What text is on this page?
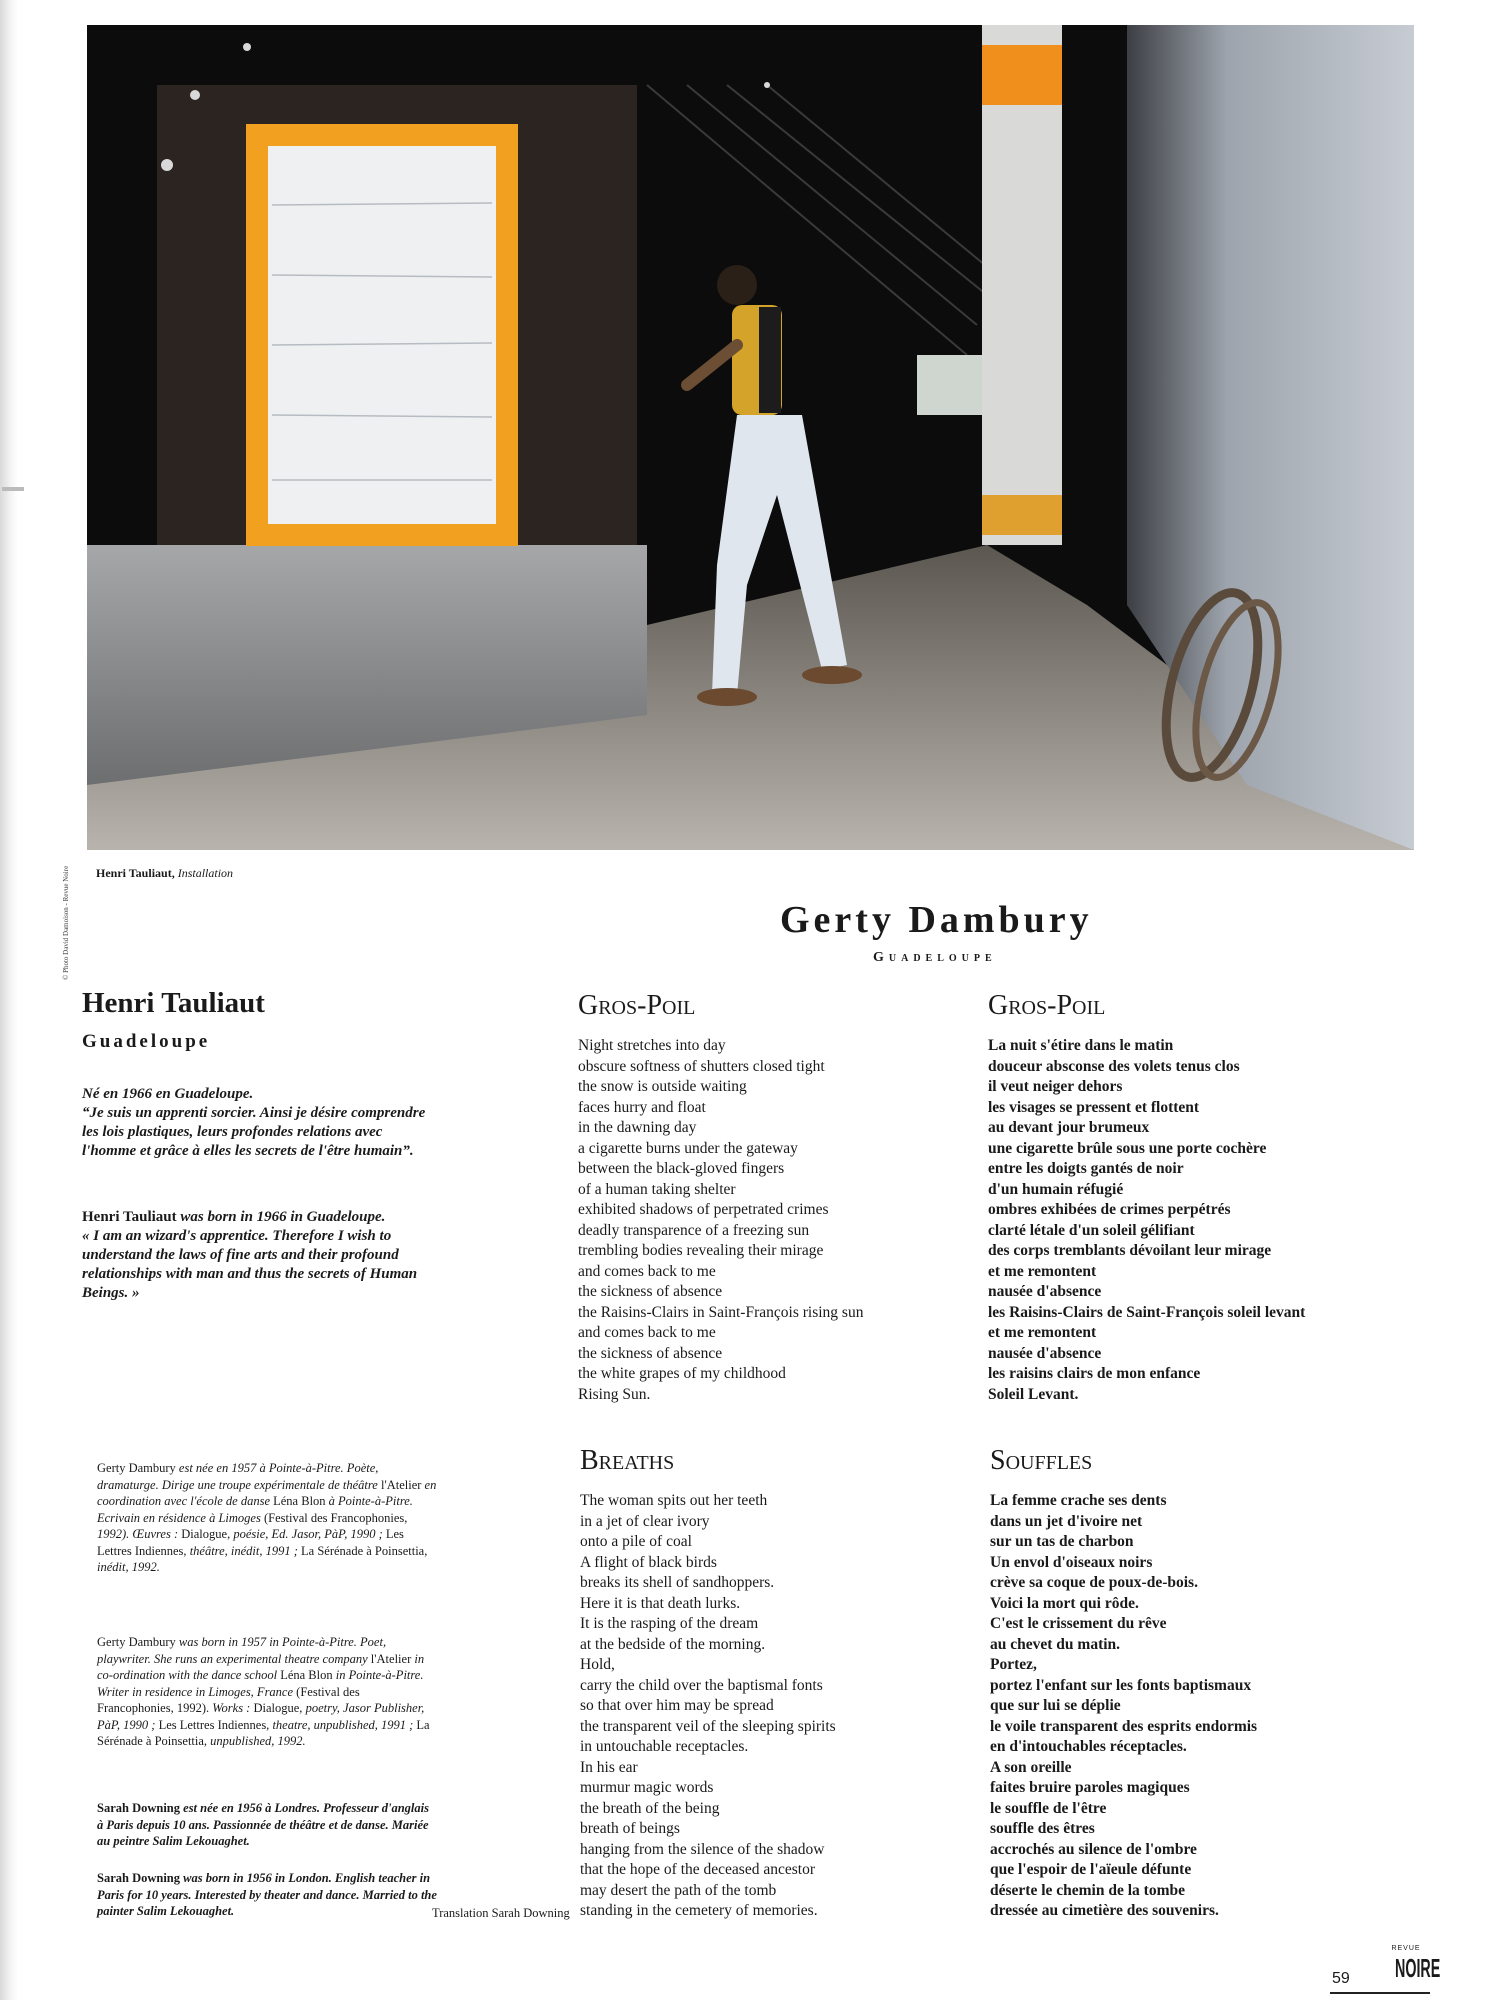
© Photo David Damoison - Revue Noire Henri Tauliaut, Installation
Gerty Dambury
Guadeloupe
Henri Tauliaut
Guadeloupe
Né en 1966 en Guadeloupe.
“Je suis un apprenti sorcier. Ainsi je désire comprendre les lois plastiques, leurs profondes relations avec l'homme et grâce à elles les secrets de l'être humain”.
Henri Tauliaut was born in 1966 in Guadeloupe.
« I am an wizard's apprentice. Therefore I wish to understand the laws of fine arts and their profound relationships with man and thus the secrets of Human Beings. »
Gros-Poil
Night stretches into day
obscure softness of shutters closed tight
the snow is outside waiting
faces hurry and float
in the dawning day
a cigarette burns under the gateway
between the black-gloved fingers
of a human taking shelter
exhibited shadows of perpetrated crimes
deadly transparence of a freezing sun
trembling bodies revealing their mirage
and comes back to me
the sickness of absence
the Raisins-Clairs in Saint-François rising sun
and comes back to me
the sickness of absence
the white grapes of my childhood
Rising Sun.
Gros-Poil
La nuit s'étire dans le matin
douceur absconse des volets tenus clos
il veut neiger dehors
les visages se pressent et flottent
au devant jour brumeux
une cigarette brûle sous une porte cochère
entre les doigts gantés de noir
d'un humain réfugié
ombres exhibées de crimes perpétrés
clarté létale d'un soleil gélifiant
des corps tremblants dévoilant leur mirage
et me remontent
nausée d'absence
les Raisins-Clairs de Saint-François soleil levant
et me remontent
nausée d'absence
les raisins clairs de mon enfance
Soleil Levant.
Breaths
The woman spits out her teeth
in a jet of clear ivory
onto a pile of coal
A flight of black birds
breaks its shell of sandhoppers.
Here it is that death lurks.
It is the rasping of the dream
at the bedside of the morning.
Hold,
carry the child over the baptismal fonts
so that over him may be spread
the transparent veil of the sleeping spirits
in untouchable receptacles.
In his ear
murmur magic words
the breath of the being
breath of beings
hanging from the silence of the shadow
that the hope of the deceased ancestor
may desert the path of the tomb
standing in the cemetery of memories.
Souffles
La femme crache ses dents
dans un jet d'ivoire net
sur un tas de charbon
Un envol d'oiseaux noirs
crève sa coque de poux-de-bois.
Voici la mort qui rôde.
C'est le crissement du rêve
au chevet du matin.
Portez,
portez l'enfant sur les fonts baptismaux
que sur lui se déplie
le voile transparent des esprits endormis
en d'intouchables réceptacles.
A son oreille
faites bruire paroles magiques
le souffle de l'être
souffle des êtres
accrochés au silence de l'ombre
que l'espoir de l'aïeule défunte
déserte le chemin de la tombe
dressée au cimetière des souvenirs.
Gerty Dambury est née en 1957 à Pointe-à-Pitre. Poète, dramaturge. Dirige une troupe expérimentale de théâtre l'Atelier en coordination avec l'école de danse Léna Blon à Pointe-à-Pitre. Ecrivain en résidence à Limoges (Festival des Francophonies, 1992). Œuvres : Dialogue, poésie, Ed. Jasor, PàP, 1990 ; Les Lettres Indiennes, théâtre, inédit, 1991 ; La Sérénade à Poinsettia, inédit, 1992.
Gerty Dambury was born in 1957 in Pointe-à-Pitre. Poet, playwriter. She runs an experimental theatre company l'Atelier in co-ordination with the dance school Léna Blon in Pointe-à-Pitre. Writer in residence in Limoges, France (Festival des Francophonies, 1992). Works : Dialogue, poetry, Jasor Publisher, PàP, 1990 ; Les Lettres Indiennes, theatre, unpublished, 1991 ; La Sérénade à Poinsettia, unpublished, 1992.
Sarah Downing est née en 1956 à Londres. Professeur d'anglais à Paris depuis 10 ans. Passionnée de théâtre et de danse. Mariée au peintre Salim Lekouaghet.
Sarah Downing was born in 1956 in London. English teacher in Paris for 10 years. Interested by theater and dance. Married to the painter Salim Lekouaghet.	Translation Sarah Downing
59
REVUE
NOIRE
